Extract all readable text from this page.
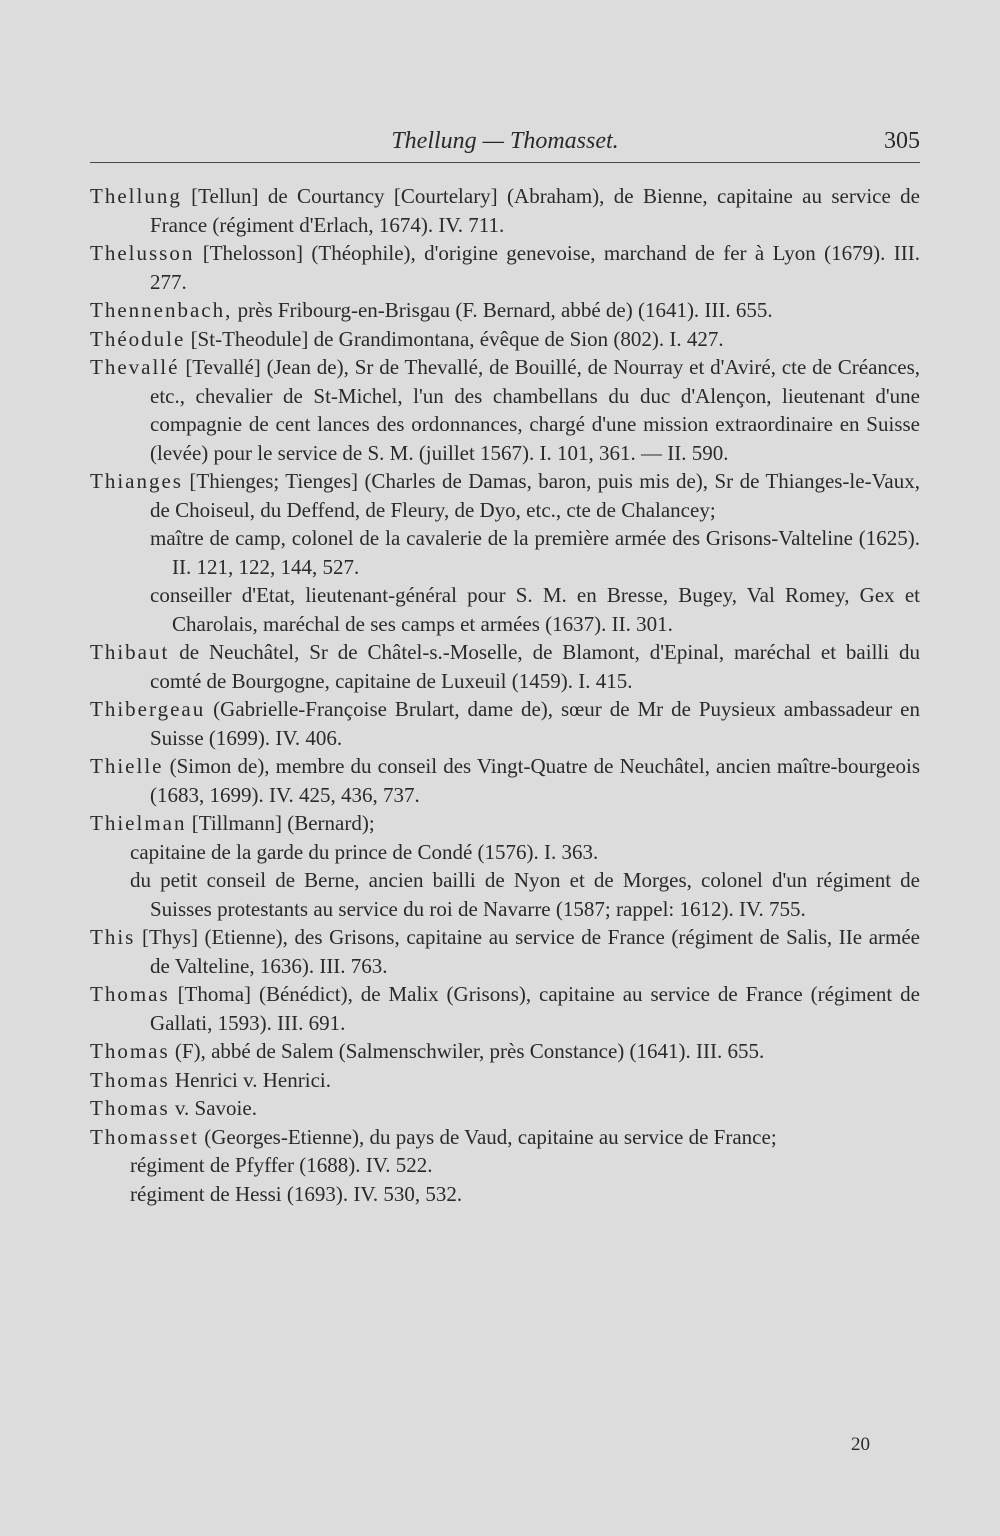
Thellung — Thomasset.	305
Thellung [Tellun] de Courtancy [Courtelary] (Abraham), de Bienne, capitaine au service de France (régiment d'Erlach, 1674). IV. 711.
Thelusson [Thelosson] (Théophile), d'origine genevoise, marchand de fer à Lyon (1679). III. 277.
Thennenbach, près Fribourg-en-Brisgau (F. Bernard, abbé de) (1641). III. 655.
Théodule [St-Theodule] de Grandimontana, évêque de Sion (802). I. 427.
Thevallé [Tevallé] (Jean de), Sr de Thevallé, de Bouillé, de Nourray et d'Aviré, cte de Créances, etc., chevalier de St-Michel, l'un des chambellans du duc d'Alençon, lieutenant d'une compagnie de cent lances des ordonnances, chargé d'une mission extraordinaire en Suisse (levée) pour le service de S. M. (juillet 1567). I. 101, 361. — II. 590.
Thianges [Thienges; Tienges] (Charles de Damas, baron, puis mis de), Sr de Thianges-le-Vaux, de Choiseul, du Deffend, de Fleury, de Dyo, etc., cte de Chalancey;
maître de camp, colonel de la cavalerie de la première armée des Grisons-Valteline (1625). II. 121, 122, 144, 527.
conseiller d'Etat, lieutenant-général pour S. M. en Bresse, Bugey, Val Romey, Gex et Charolais, maréchal de ses camps et armées (1637). II. 301.
Thibaut de Neuchâtel, Sr de Châtel-s.-Moselle, de Blamont, d'Epinal, maréchal et bailli du comté de Bourgogne, capitaine de Luxeuil (1459). I. 415.
Thibergeau (Gabrielle-Françoise Brulart, dame de), sœur de Mr de Puysieux ambassadeur en Suisse (1699). IV. 406.
Thielle (Simon de), membre du conseil des Vingt-Quatre de Neuchâtel, ancien maître-bourgeois (1683, 1699). IV. 425, 436, 737.
Thielman [Tillmann] (Bernard);
capitaine de la garde du prince de Condé (1576). I. 363.
du petit conseil de Berne, ancien bailli de Nyon et de Morges, colonel d'un régiment de Suisses protestants au service du roi de Navarre (1587; rappel: 1612). IV. 755.
This [Thys] (Etienne), des Grisons, capitaine au service de France (régiment de Salis, IIe armée de Valteline, 1636). III. 763.
Thomas [Thoma] (Bénédict), de Malix (Grisons), capitaine au service de France (régiment de Gallati, 1593). III. 691.
Thomas (F), abbé de Salem (Salmenschwiler, près Constance) (1641). III. 655.
Thomas Henrici v. Henrici.
Thomas v. Savoie.
Thomasset (Georges-Etienne), du pays de Vaud, capitaine au service de France;
régiment de Pfyffer (1688). IV. 522.
régiment de Hessi (1693). IV. 530, 532.
20
